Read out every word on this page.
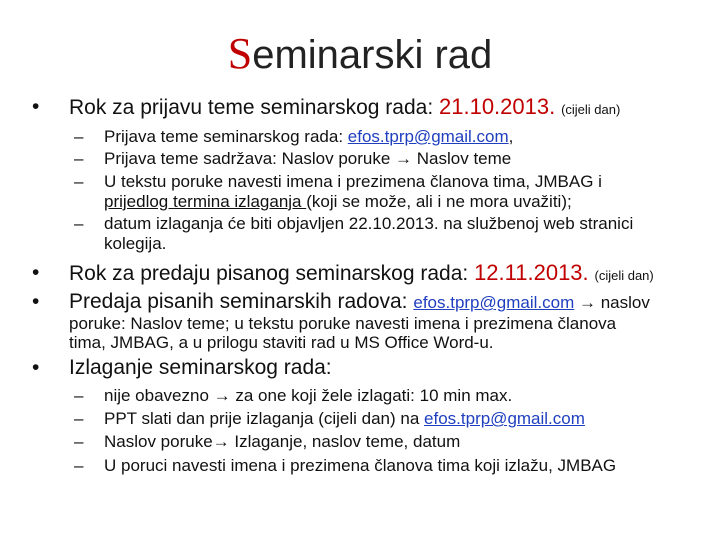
Seminarski rad
• Rok za prijavu teme seminarskog rada: 21.10.2013. (cijeli dan)
– Prijava teme seminarskog rada: efos.tprp@gmail.com,
– Prijava teme sadržava: Naslov poruke → Naslov teme
– U tekstu poruke navesti imena i prezimena članova tima, JMBAG i
prijedlog termina izlaganja (koji se može, ali i ne mora uvažiti);
– datum izlaganja će biti objavljen 22.10.2013. na službenoj web stranici
kolegija.
• Rok za predaju pisanog seminarskog rada: 12.11.2013. (cijeli dan)
• Predaja pisanih seminarskih radova: efos.tprp@gmail.com → naslov
poruke: Naslov teme; u tekstu poruke navesti imena i prezimena članova
tima, JMBAG, a u prilogu staviti rad u MS Office Word-u.
• Izlaganje seminarskog rada:
– nije obavezno → za one koji žele izlagati: 10 min max.
– PPT slati dan prije izlaganja (cijeli dan) na efos.tprp@gmail.com
– Naslov poruke→ Izlaganje, naslov teme, datum
– U poruci navesti imena i prezimena članova tima koji izlažu, JMBAG
